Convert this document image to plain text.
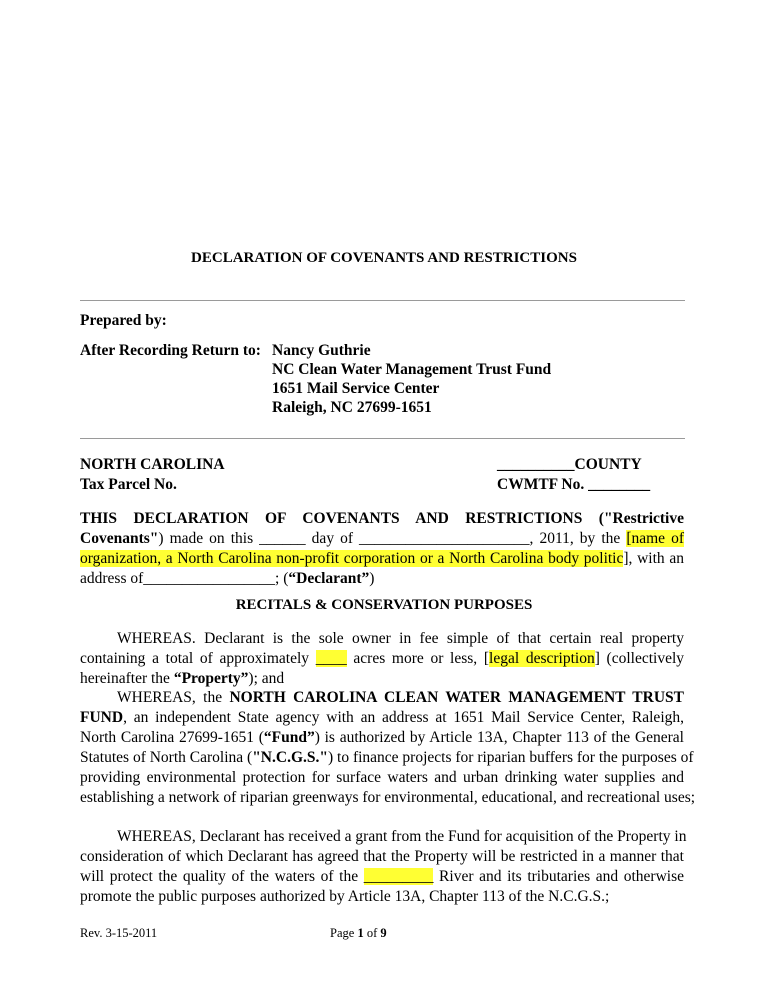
DECLARATION OF COVENANTS AND RESTRICTIONS
Prepared by:
After Recording Return to: Nancy Guthrie
NC Clean Water Management Trust Fund
1651 Mail Service Center
Raleigh, NC 27699-1651
NORTH CAROLINA
Tax Parcel No.
__________COUNTY
CWMTF No. ________
THIS DECLARATION OF COVENANTS AND RESTRICTIONS ("Restrictive
Covenants") made on this ______ day of ______________________, 2011, by the [name of
organization, a North Carolina non-profit corporation or a North Carolina body politic], with an
address of_________________; (“Declarant”)
RECITALS & CONSERVATION PURPOSES
WHEREAS. Declarant is the sole owner in fee simple of that certain real property
containing a total of approximately ____ acres more or less, [legal description] (collectively
hereinafter the “Property”); and
WHEREAS, the NORTH CAROLINA CLEAN WATER MANAGEMENT TRUST
FUND, an independent State agency with an address at 1651 Mail Service Center, Raleigh,
North Carolina 27699-1651 (“Fund”) is authorized by Article 13A, Chapter 113 of the General
Statutes of North Carolina ("N.C.G.S.") to finance projects for riparian buffers for the purposes of
providing environmental protection for surface waters and urban drinking water supplies and
establishing a network of riparian greenways for environmental, educational, and recreational uses;
WHEREAS, Declarant has received a grant from the Fund for acquisition of the Property in
consideration of which Declarant has agreed that the Property will be restricted in a manner that
will protect the quality of the waters of the _________ River and its tributaries and otherwise
promote the public purposes authorized by Article 13A, Chapter 113 of the N.C.G.S.;
Rev. 3-15-2011	Page 1 of 9
